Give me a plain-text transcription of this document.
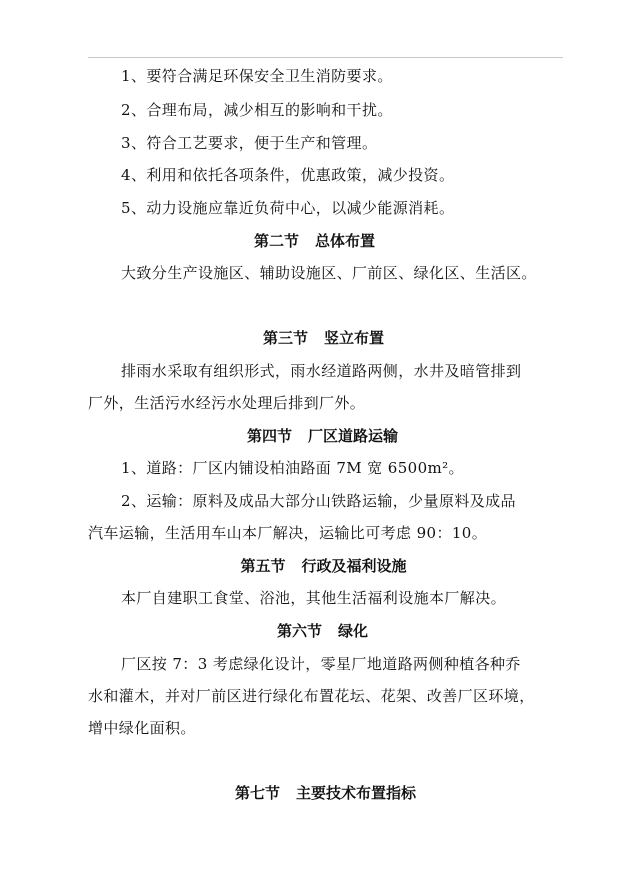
1、要符合满足环保安全卫生消防要求。
2、合理布局，减少相互的影响和干扰。
3、符合工艺要求，便于生产和管理。
4、利用和依托各项条件，优惠政策，减少投资。
5、动力设施应靠近负荷中心，以减少能源消耗。
第二节 总体布置
大致分生产设施区、辅助设施区、厂前区、绿化区、生活区。
第三节 竖立布置
排雨水采取有组织形式，雨水经道路两侧，水井及暗管排到
厂外，生活污水经污水处理后排到厂外。
第四节 厂区道路运输
1、道路：厂区内铺设柏油路面 7M 宽 6500m²。
2、运输：原料及成品大部分山铁路运输，少量原料及成品
汽车运输，生活用车山本厂解决，运输比可考虑 90：10。
第五节 行政及福利设施
本厂自建职工食堂、浴池，其他生活福利设施本厂解决。
第六节 绿化
厂区按 7：3 考虑绿化设计，零星厂地道路两侧种植各种乔
水和灌木，并对厂前区进行绿化布置花坛、花架、改善厂区环境，
增中绿化面积。
第七节 主要技术布置指标
